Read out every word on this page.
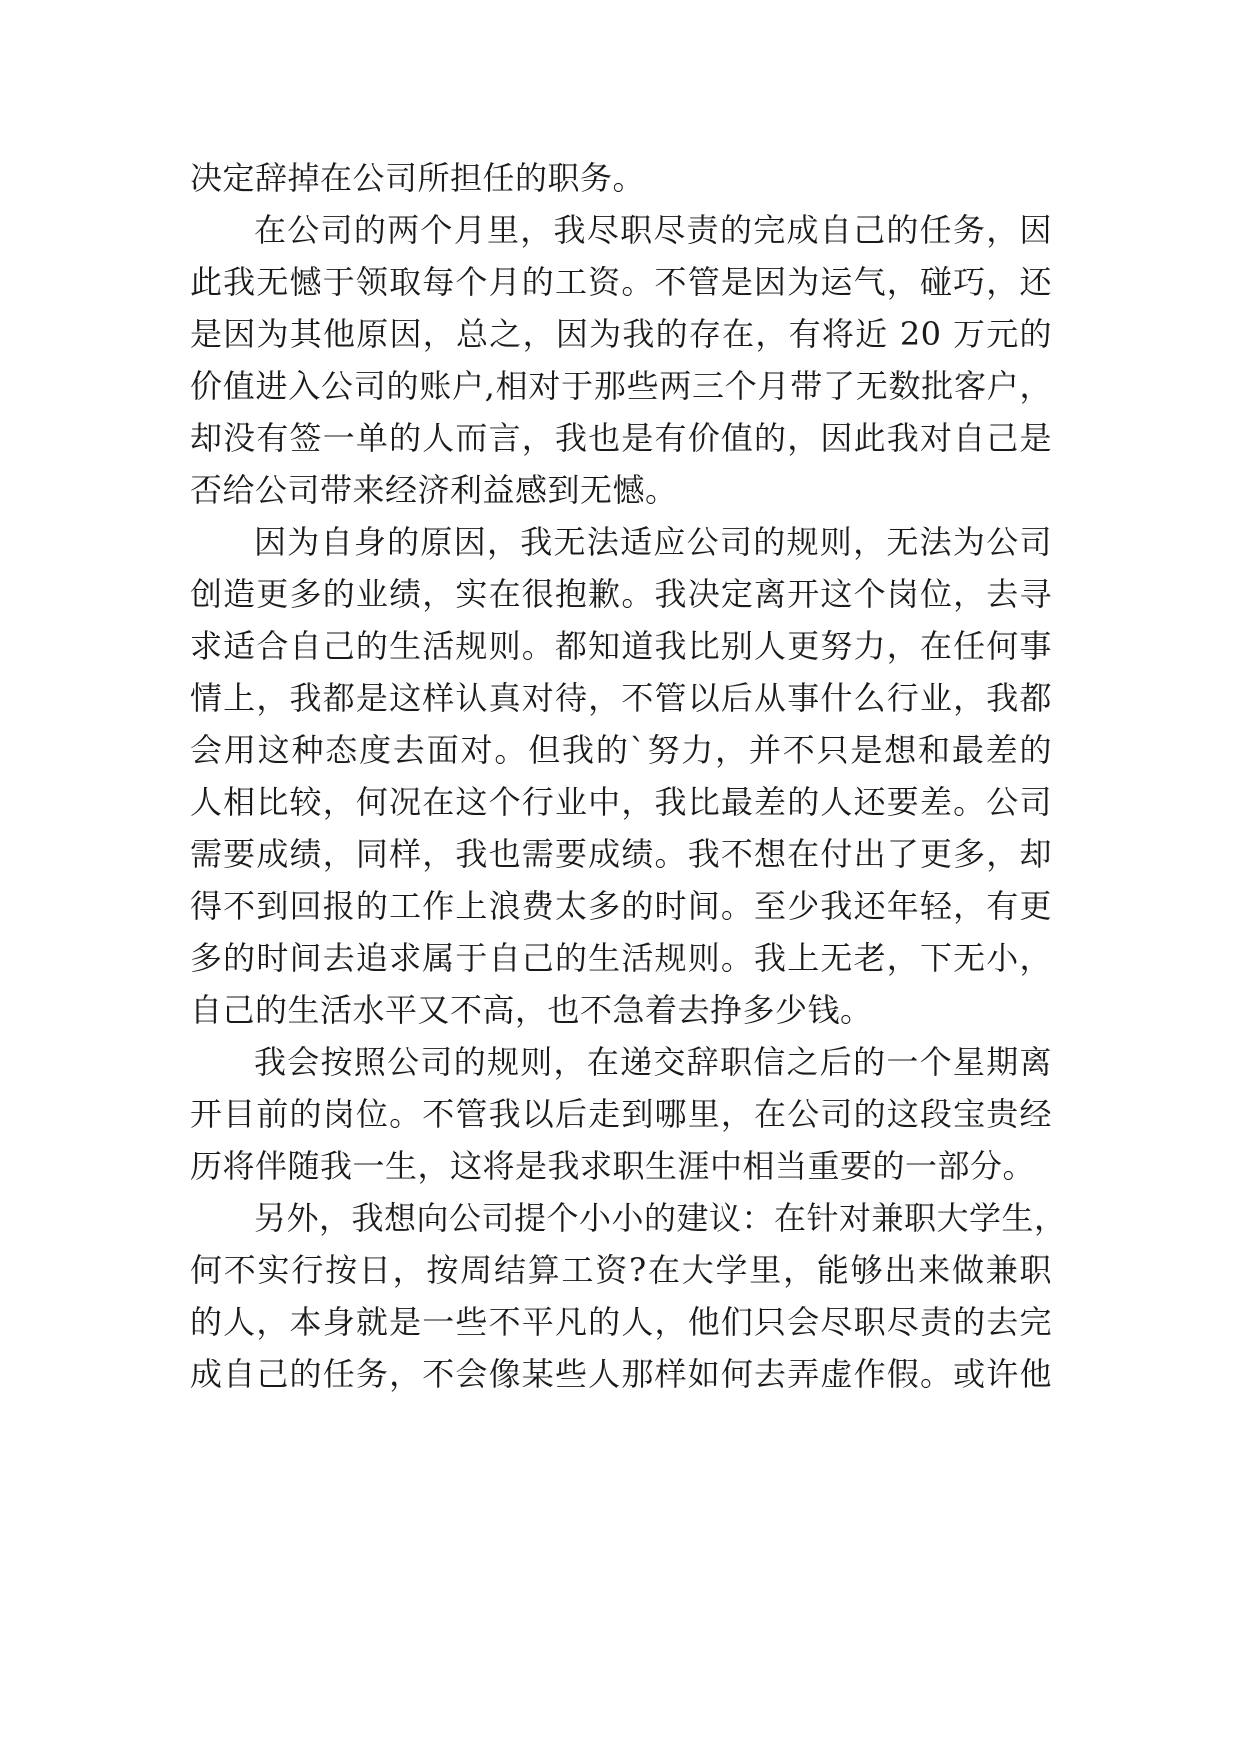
决定辞掉在公司所担任的职务。
在公司的两个月里，我尽职尽责的完成自己的任务，因
此我无憾于领取每个月的工资。不管是因为运气，碰巧，还
是因为其他原因，总之，因为我的存在，有将近 20 万元的
价值进入公司的账户,相对于那些两三个月带了无数批客户，
却没有签一单的人而言，我也是有价值的，因此我对自己是
否给公司带来经济利益感到无憾。
因为自身的原因，我无法适应公司的规则，无法为公司
创造更多的业绩，实在很抱歉。我决定离开这个岗位，去寻
求适合自己的生活规则。都知道我比别人更努力，在任何事
情上，我都是这样认真对待，不管以后从事什么行业，我都
会用这种态度去面对。但我的`努力，并不只是想和最差的
人相比较，何况在这个行业中，我比最差的人还要差。公司
需要成绩，同样，我也需要成绩。我不想在付出了更多，却
得不到回报的工作上浪费太多的时间。至少我还年轻，有更
多的时间去追求属于自己的生活规则。我上无老，下无小，
自己的生活水平又不高，也不急着去挣多少钱。
我会按照公司的规则，在递交辞职信之后的一个星期离
开目前的岗位。不管我以后走到哪里，在公司的这段宝贵经
历将伴随我一生，这将是我求职生涯中相当重要的一部分。
另外，我想向公司提个小小的建议：在针对兼职大学生，
何不实行按日，按周结算工资?在大学里，能够出来做兼职
的人，本身就是一些不平凡的人，他们只会尽职尽责的去完
成自己的任务，不会像某些人那样如何去弄虚作假。或许他
